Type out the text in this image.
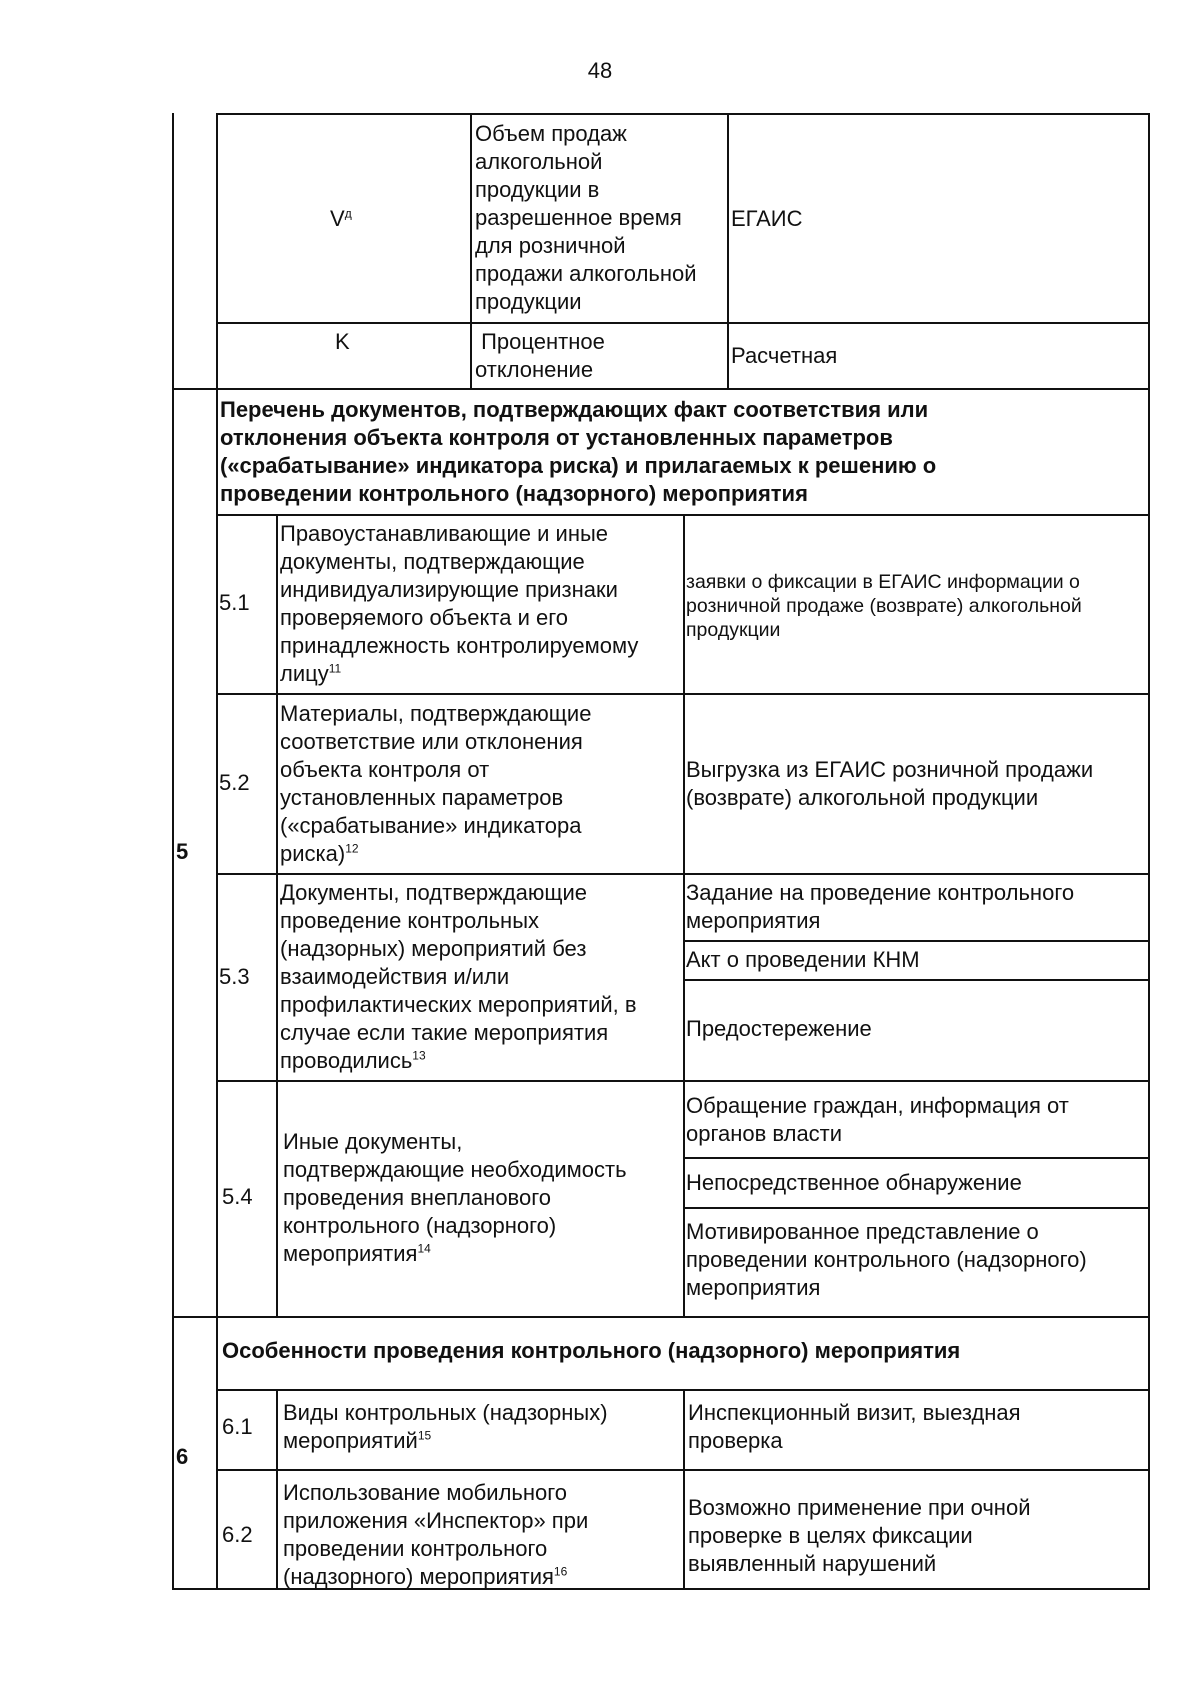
48
$V^д$
Объем продаж
алкогольной
продукции в
разрешенное время
для розничной
продажи алкогольной
продукции
ЕГАИС
K	Процентное
отклонение
Расчетная
5
Перечень документов, подтверждающих факт соответствия или
отклонения объекта контроля от установленных параметров
(«срабатывание» индикатора риска) и прилагаемых к решению о
проведении контрольного (надзорного) мероприятия
5.1
Правоустанавливающие и иные
документы, подтверждающие
индивидуализирующие признаки
проверяемого объекта и его
принадлежность контролируемому
лицу$^{11}$
заявки о фиксации в ЕГАИС информации о
розничной продаже (возврате) алкогольной
продукции
5.2
Материалы, подтверждающие
соответствие или отклонения
объекта контроля от
установленных параметров
(«срабатывание» индикатора
риска)$^{12}$
Выгрузка из ЕГАИС розничной продажи
(возврате) алкогольной продукции
5.3
Документы, подтверждающие
проведение контрольных
(надзорных) мероприятий без
взаимодействия и/или
профилактических мероприятий, в
случае если такие мероприятия
проводились$^{13}$
Задание на проведение контрольного
мероприятия
Акт о проведении КНМ
Предостережение
5.4
Иные документы,
подтверждающие необходимость
проведения внепланового
контрольного (надзорного)
мероприятия$^{14}$
Обращение граждан, информация от
органов власти
Непосредственное обнаружение
Мотивированное представление о
проведении контрольного (надзорного)
мероприятия
6
Особенности проведения контрольного (надзорного) мероприятия
6.1
Виды контрольных (надзорных)
мероприятий$^{15}$
Инспекционный визит, выездная
проверка
6.2
Использование мобильного
приложения «Инспектор» при
проведении контрольного
(надзорного) мероприятия$^{16}$
Возможно применение при очной
проверке в целях фиксации
выявленный нарушений
